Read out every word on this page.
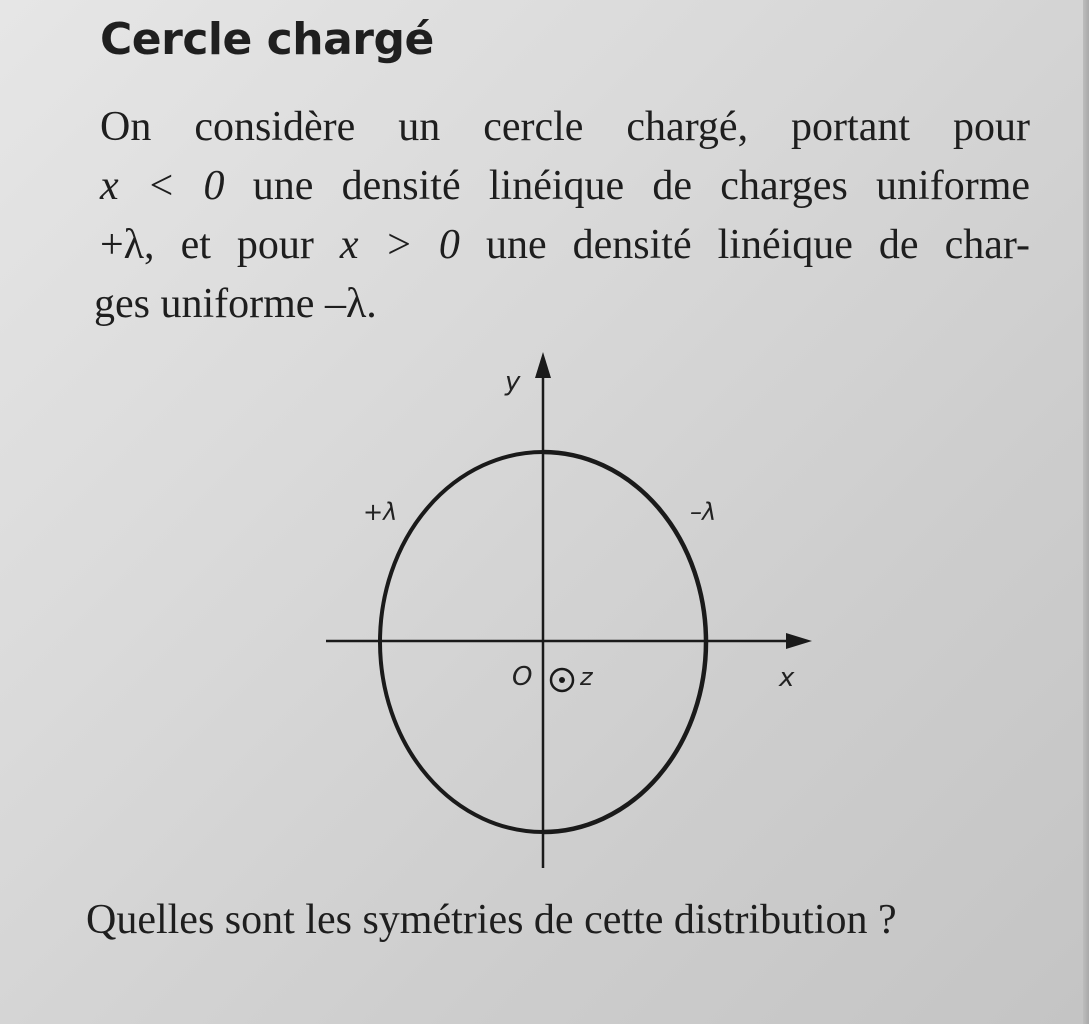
Cercle chargé
On considère un cercle chargé, portant pour
x < 0 une densité linéique de charges uniforme
+λ, et pour x > 0 une densité linéique de char-
ges uniforme –λ.
y
x
O z
+λ	–λ
Quelles sont les symétries de cette distribution ?
